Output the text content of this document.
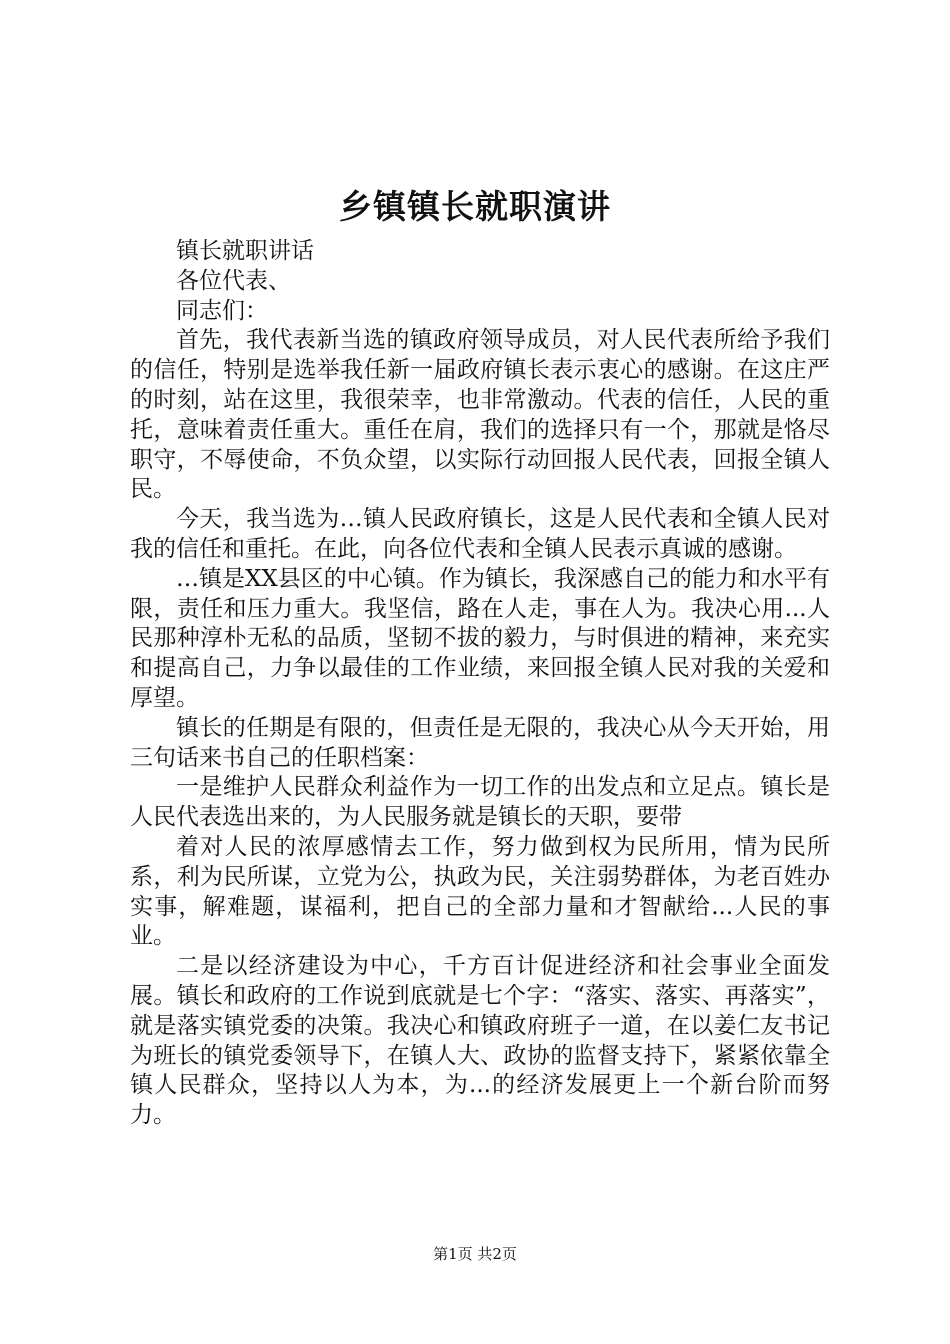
乡镇镇长就职演讲

镇长就职讲话

各位代表、

同志们：

首先，我代表新当选的镇政府领导成员，对人民代表所给予我们的信任，特别是选举我任新一届政府镇长表示衷心的感谢。在这庄严的时刻，站在这里，我很荣幸，也非常激动。代表的信任，人民的重托，意味着责任重大。重任在肩，我们的选择只有一个，那就是恪尽职守，不辱使命，不负众望，以实际行动回报人民代表，回报全镇人民。

今天，我当选为…镇人民政府镇长，这是人民代表和全镇人民对我的信任和重托。在此，向各位代表和全镇人民表示真诚的感谢。

…镇是XX县区的中心镇。作为镇长，我深感自己的能力和水平有限，责任和压力重大。我坚信，路在人走，事在人为。我决心用...人民那种淳朴无私的品质，坚韧不拔的毅力，与时俱进的精神，来充实和提高自己，力争以最佳的工作业绩，来回报全镇人民对我的关爱和厚望。

镇长的任期是有限的，但责任是无限的，我决心从今天开始，用三句话来书自己的任职档案：

一是维护人民群众利益作为一切工作的出发点和立足点。镇长是人民代表选出来的，为人民服务就是镇长的天职，要带

着对人民的浓厚感情去工作，努力做到权为民所用，情为民所系，利为民所谋，立党为公，执政为民，关注弱势群体，为老百姓办实事，解难题，谋福利，把自己的全部力量和才智献给...人民的事业。

二是以经济建设为中心，千方百计促进经济和社会事业全面发展。镇长和政府的工作说到底就是七个字：“落实、落实、再落实”，就是落实镇党委的决策。我决心和镇政府班子一道，在以姜仁友书记为班长的镇党委领导下，在镇人大、政协的监督支持下，紧紧依靠全镇人民群众，坚持以人为本，为...的经济发展更上一个新台阶而努力。

第1页 共2页
